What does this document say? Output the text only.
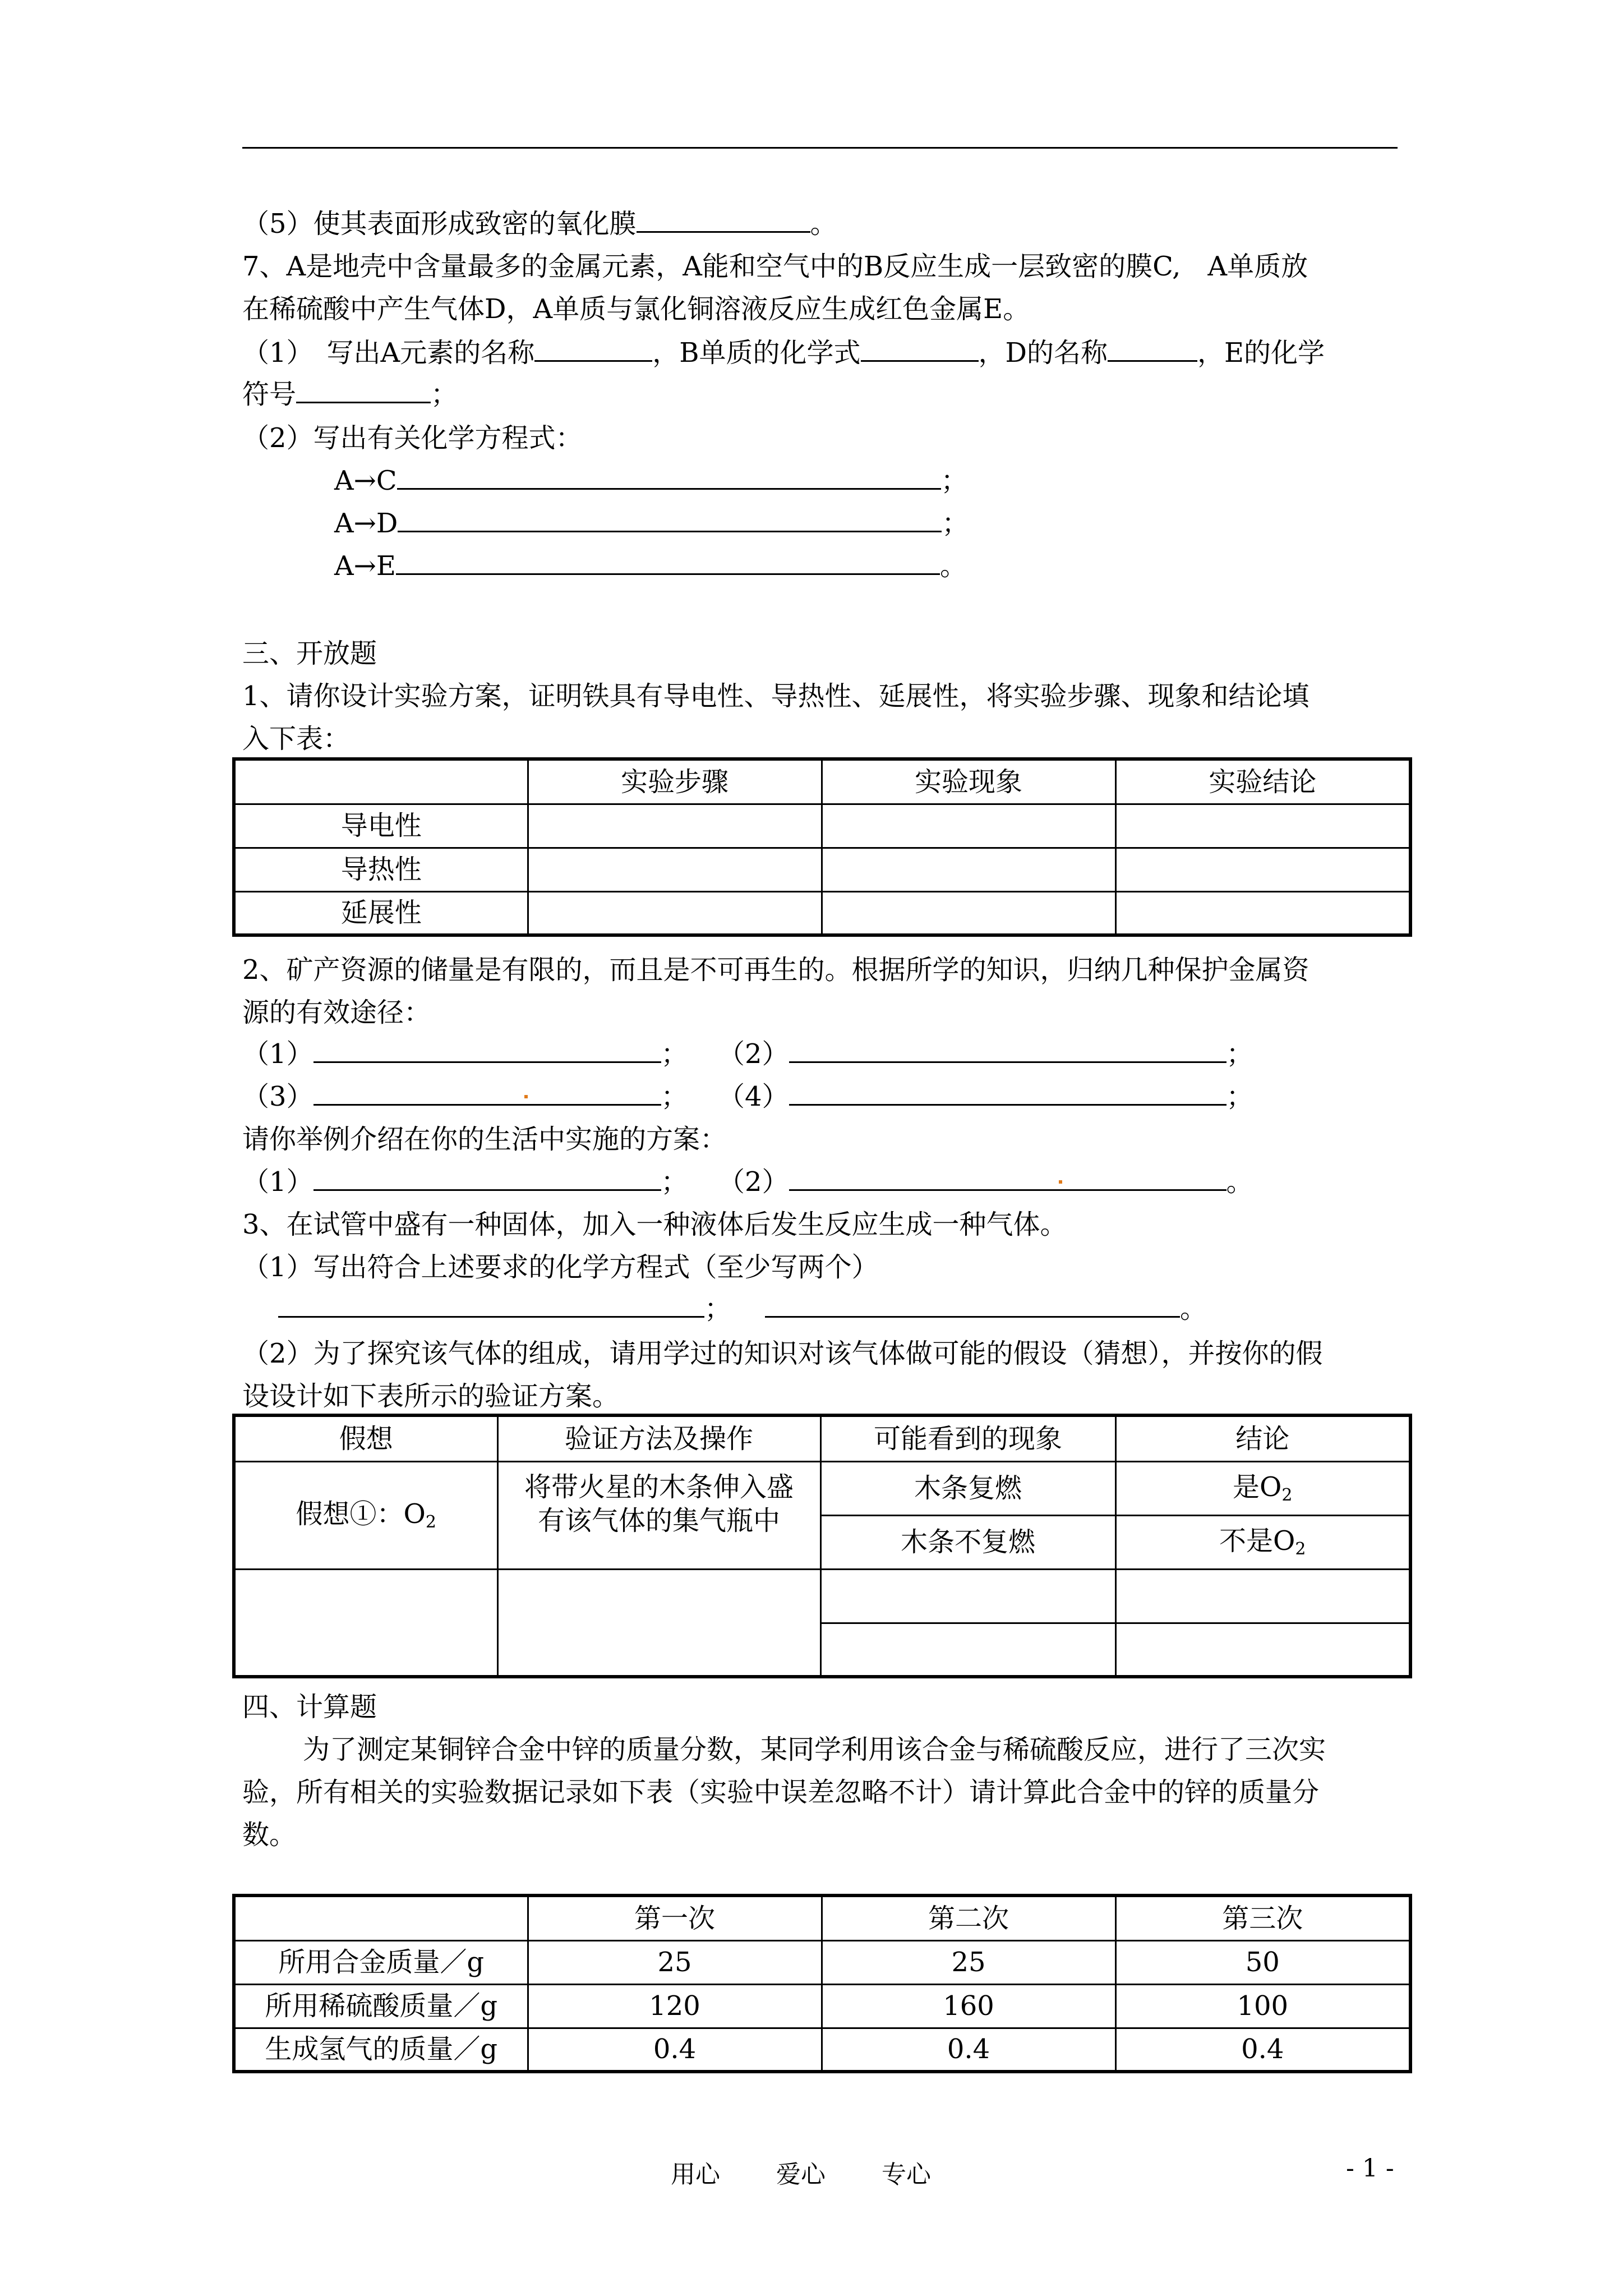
（5）使其表面形成致密的氧化膜	。
7、A是地壳中含量最多的金属元素，A能和空气中的B反应生成一层致密的膜C,　A单质放
在稀硫酸中产生气体D，A单质与氯化铜溶液反应生成红色金属E。
（1）　写出A元素的名称	，B单质的化学式	，D的名称	，E的化学
符号	；
（2）写出有关化学方程式：
A→C	；
A→D	；
A→E	。
三、开放题
1、请你设计实验方案，证明铁具有导电性、导热性、延展性，将实验步骤、现象和结论填
入下表：
	实验步骤	实验现象	实验结论
导电性			
导热性			
延展性			
2、矿产资源的储量是有限的，而且是不可再生的。根据所学的知识，归纳几种保护金属资
源的有效途径：
（1）	； （2）	；
（3）	； （4）	；
请你举例介绍在你的生活中实施的方案：
（1）	； （2）	。
3、在试管中盛有一种固体，加入一种液体后发生反应生成一种气体。
（1）写出符合上述要求的化学方程式（至少写两个）
；	。
（2）为了探究该气体的组成，请用学过的知识对该气体做可能的假设（猜想），并按你的假
设设计如下表所示的验证方案。
假想	验证方法及操作	可能看到的现象	结论
假想①：$O_2$	将带火星的木条伸入盛
有该气体的集气瓶中	木条复燃	是$O_2$
		木条不复燃	不是$O_2$

四、计算题
为了测定某铜锌合金中锌的质量分数，某同学利用该合金与稀硫酸反应，进行了三次实
验，所有相关的实验数据记录如下表（实验中误差忽略不计）请计算此合金中的锌的质量分
数。
	第一次	第二次	第三次
所用合金质量／g	25	25	50
所用稀硫酸质量／g	120	160	100
生成氢气的质量／g	0.4	0.4	0.4
用心 爱心 专心	- 1 -
